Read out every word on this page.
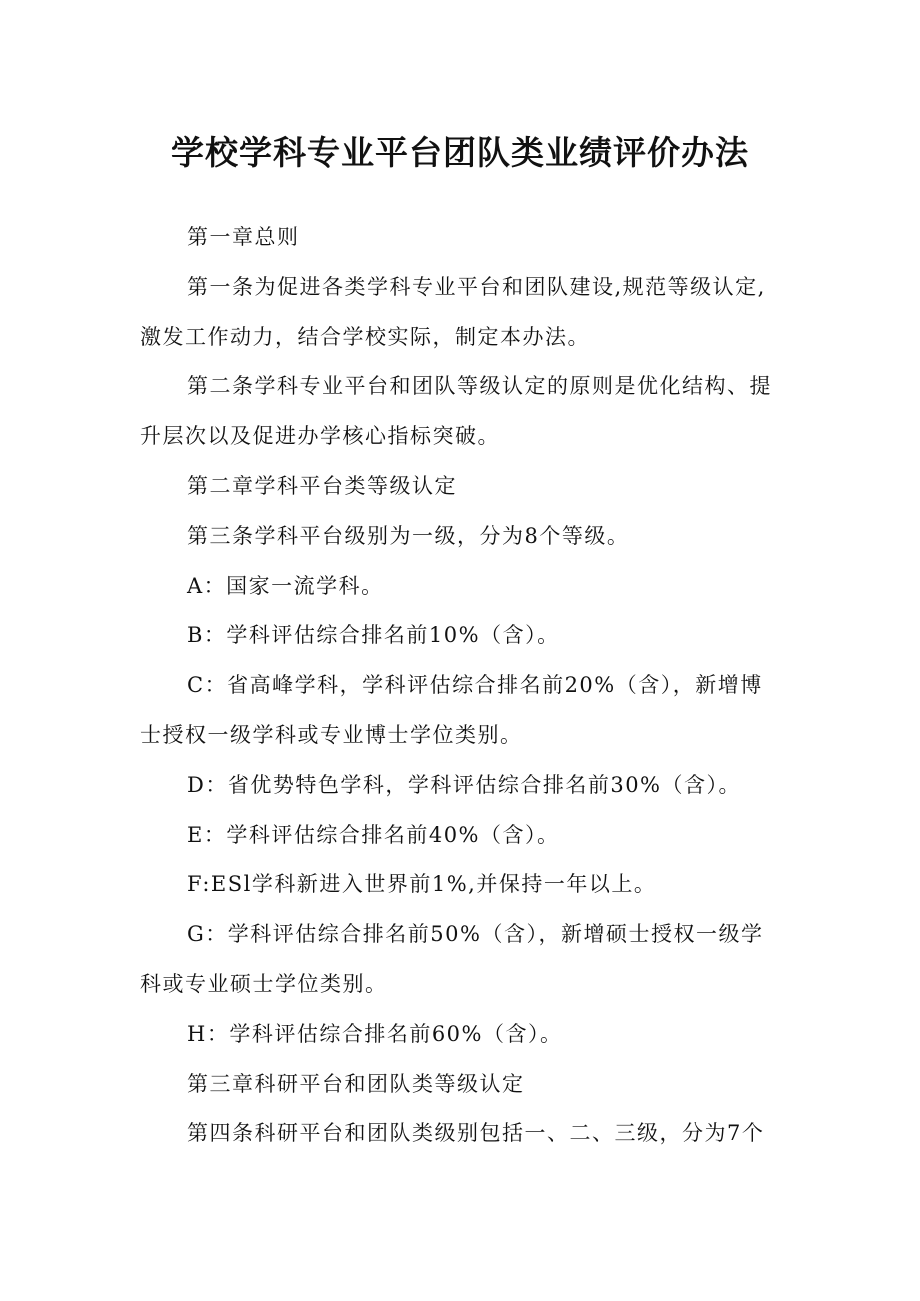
学校学科专业平台团队类业绩评价办法

第一章总则

第一条为促进各类学科专业平台和团队建设,规范等级认定,激发工作动力，结合学校实际，制定本办法。

第二条学科专业平台和团队等级认定的原则是优化结构、提升层次以及促进办学核心指标突破。

第二章学科平台类等级认定

第三条学科平台级别为一级，分为8个等级。

A：国家一流学科。

B：学科评估综合排名前10%（含）。

C：省高峰学科，学科评估综合排名前20%（含），新增博士授权一级学科或专业博士学位类别。

D：省优势特色学科，学科评估综合排名前30%（含）。

E：学科评估综合排名前40%（含）。

F:ESl学科新进入世界前1%,并保持一年以上。

G：学科评估综合排名前50%（含），新增硕士授权一级学科或专业硕士学位类别。

H：学科评估综合排名前60%（含）。

第三章科研平台和团队类等级认定

第四条科研平台和团队类级别包括一、二、三级，分为7个
